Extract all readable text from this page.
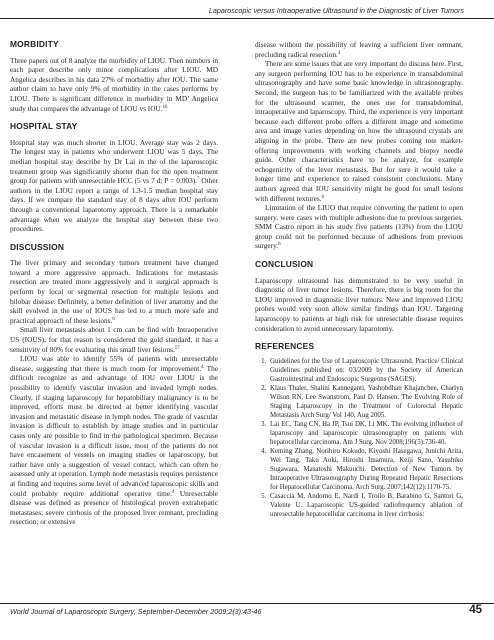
Laparoscopic versus Intraoperative Ultrasound in the Diagnostic of Liver Tumors
MORBIDITY

Three papers out of 8 analyze the morbidity of LIOU. Then numbers in each paper describe only minor complications after LIOU. MD Angelica describes in his data 27% of morbidity after IOU. The same author claim to have only 9% of morbidity in the cases performs by LIOU. There is significant difference in morbidity in MD’ Angelica study that compares the advantage of LIOU vs IOU.$^{16}$

HOSPITAL STAY

Hospital stay was much shorter in LIOU. Average stay was 2 days. The longest stay in patients who underwent LIOU was 5 days. The median hospital stay describe by Dr Lai in the of the laparoscopic treatment group was significantly shorter than for the open treatment group for patients with unresectable HCC (5 vs 7 d; P = 0.003).$^7$ Other authors in the LIOU report a range of 1.3-1.5 median hospital stay days. If we compare the standard stay of 8 days after IOU perform through a conventional laparotomy approach. There is a remarkable advantage when we analyze the hospital stay between these two procedures.

DISCUSSION

The liver primary and secondary tumors treatment have changed toward a more aggressive approach. Indications for metastasis resection are treated more aggressively and it surgical approach is perform by local or segmental resection for multiple lesions and bilobar disease. Definitely, a better definition of liver anatomy and the skill evolved in the use of IOUS has led to a much more safe and practical approach of these lesions.$^6$

Small liver metastasis about 1 cm can be find with Intraoperative US (IOUS), for that reason is considered the gold standard, it has a sensitivity of 80% for evaluating this small liver lesions.$^{17}$

LIOU was able to identify 55% of patients with unresectable disease, suggesting that there is much room for improvement.$^4$ The difficult recognize as and advantage of IOU over LIOU is the possibility to identify vascular invasion and invaded lymph nodes. Clearly, if staging laparoscopy for hepatobiliary malignancy is to be improved, efforts must be directed at better identifying vascular invasion and metastatic disease in lymph nodes. The grade of vascular invasion is difficult to establish by image studies and in particular cases only are possible to find in the pathological specimen. Because of vascular invasion is a difficult issue, most of the patients do not have encasement of vessels on imaging studies or laparoscopy, but rather have only a suggestion of vessel contact, which can often be assessed only at operation. Lymph node metastasis requires persistence at finding and requires some level of advanced laparoscopic skills and could probably require additional operative time.$^4$ Unresectable disease was defined as presence of histological proven extrahepatic metastases; severe cirrhosis of the proposed liver remnant, precluding resection; or extensive

disease without the possibility of leaving a sufficient liver remnant, precluding radical resection.$^4$

There are some issues that are very important do discuss here. First, any surgeon performing IOU has to be experience in transabdominal ultrasonography and have some basic knowledge in ultrasonography. Second, the surgeon has to be familiarized with the available probes for the ultrasound scanner, the ones use for transabdominal, intraoperative and laparoscopy. Third, the experience is very important because each different probe offers a different image and sometime area and image varies depending on how the ultrasound crystals are aligning in the probe. There are new probes coming tote market-offering improvements with working channels and biopsy needle guide. Other characteristics have to be analyze, for example echogenicity of the lever metastasis. But for sure it would take a longer time and experience to raised consistent conclusions. Many authors agreed that IOU sensitivity might be good for small lesions with different textures.$^8$

Limitation of the LIUO that require converting the patient to open surgery, were cases with multiple adhesions due to previous surgeries. SMM Castro report in his study five patients (13%) from the LIOU group could not be performed because of adhesions from previous surgery.$^6$

CONCLUSION

Laparoscopy ultrasound has demonstrated to be very useful in diagnostic of liver tumor lesions. Therefore, there is big room for the LIOU improved in diagnostic liver tumors. New and improved LIOU probes would very soon allow similar findings than IOU. Targeting laparoscopy to patients at high risk for unresectable disease requires consideration to avoid unnecessary laparotomy.

REFERENCES
1. Guidelines for the Use of Laparoscopic Ultrasound. Practice/ Clinical Guidelines published on: 03/2009 by the Society of American Gastrointestinal and Endoscopic Surgeons (SAGES).
2. Klaus Thaler, Shalini Kanneganti, Yashobdhan Khajanchee, Charlyn Wilson RN, Lee Swanstrom, Paul D. Hansen. The Evolving Role of Staging Laparoscopy in the Treatment of Colorectal Hepatic Metastasis Arch Surg/ Vol 140, Aug 2005.
3. Lai EC, Tang CN, Ha JP, Tsui DK, Li MK. The evolving influence of laparoscopy and laparoscopic ultrasonography on patients with hepatocellular carcinoma. Am J Surg. Nov 2008;196(5):736-40.
4. Keming Zhang, Norihiro Kokudo, Kiyoshi Hasegawa, Junichi Arita, Wei Tang, Taku Aoki, Hiroshi Imamura, Keiji Sano, Yasuhiko Sugawara, Masatoshi Makuuchi. Detection of New Tumors by Intraoperative Ultrasonography During Repeated Hepatic Resections for Hepatocellular Carcinoma. Arch Surg. 2007;142(12):1170-75.
5. Casaccia M, Andorno E, Nardi I, Troilo B, Barabino G, Santori G, Valente U. Laparoscopic US-guided radiofrequency ablation of unresectable hepatocellular carcinoma in liver cirrhosis:
World Journal of Laparoscopic Surgery, September-December 2009;2(3):43-46	45
